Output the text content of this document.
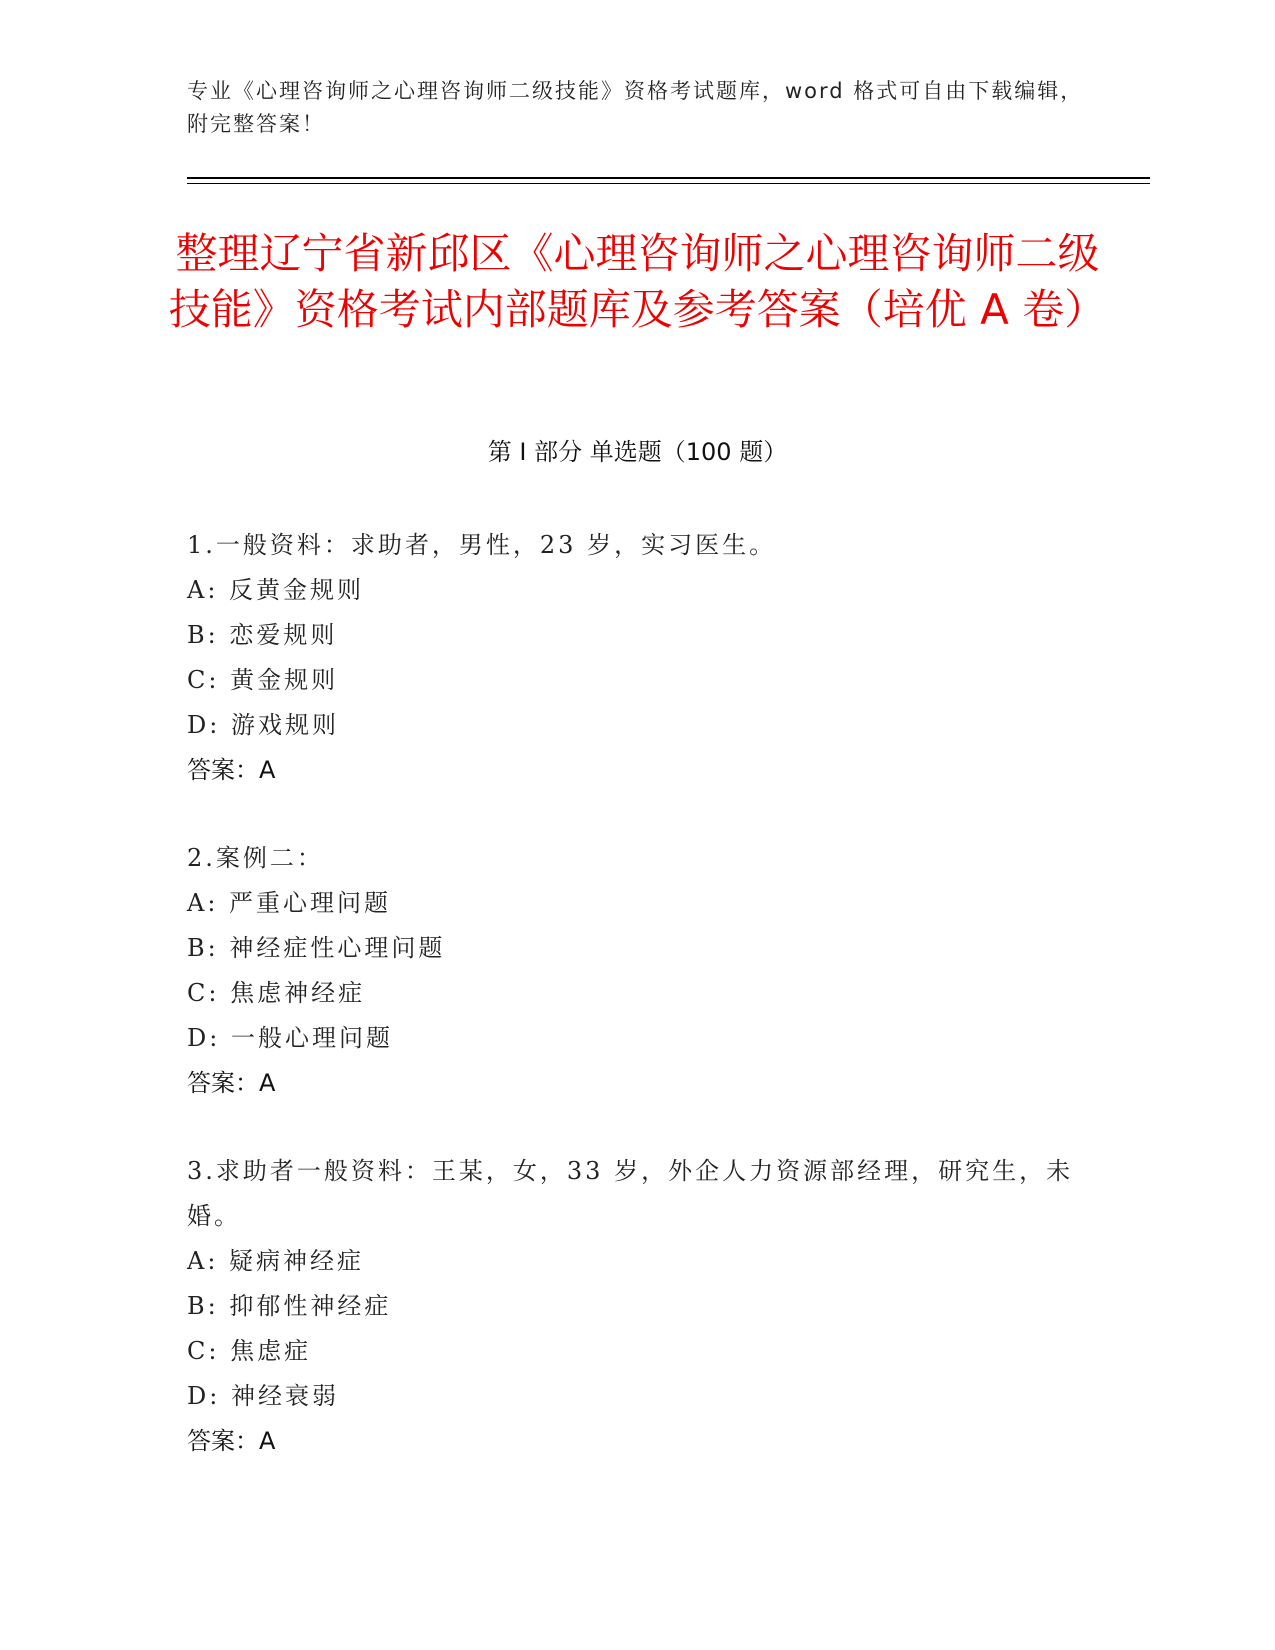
专业《心理咨询师之心理咨询师二级技能》资格考试题库，word 格式可自由下载编辑，附完整答案！
整理辽宁省新邱区《心理咨询师之心理咨询师二级技能》资格考试内部题库及参考答案（培优 A 卷）
第 I 部分 单选题（100 题）
1.一般资料：求助者，男性，23 岁，实习医生。
A: 反黄金规则
B: 恋爱规则
C: 黄金规则
D: 游戏规则
答案：A
2.案例二：
A: 严重心理问题
B: 神经症性心理问题
C: 焦虑神经症
D: 一般心理问题
答案：A
3.求助者一般资料：王某，女，33 岁，外企人力资源部经理，研究生，未婚。
A: 疑病神经症
B: 抑郁性神经症
C: 焦虑症
D: 神经衰弱
答案：A
